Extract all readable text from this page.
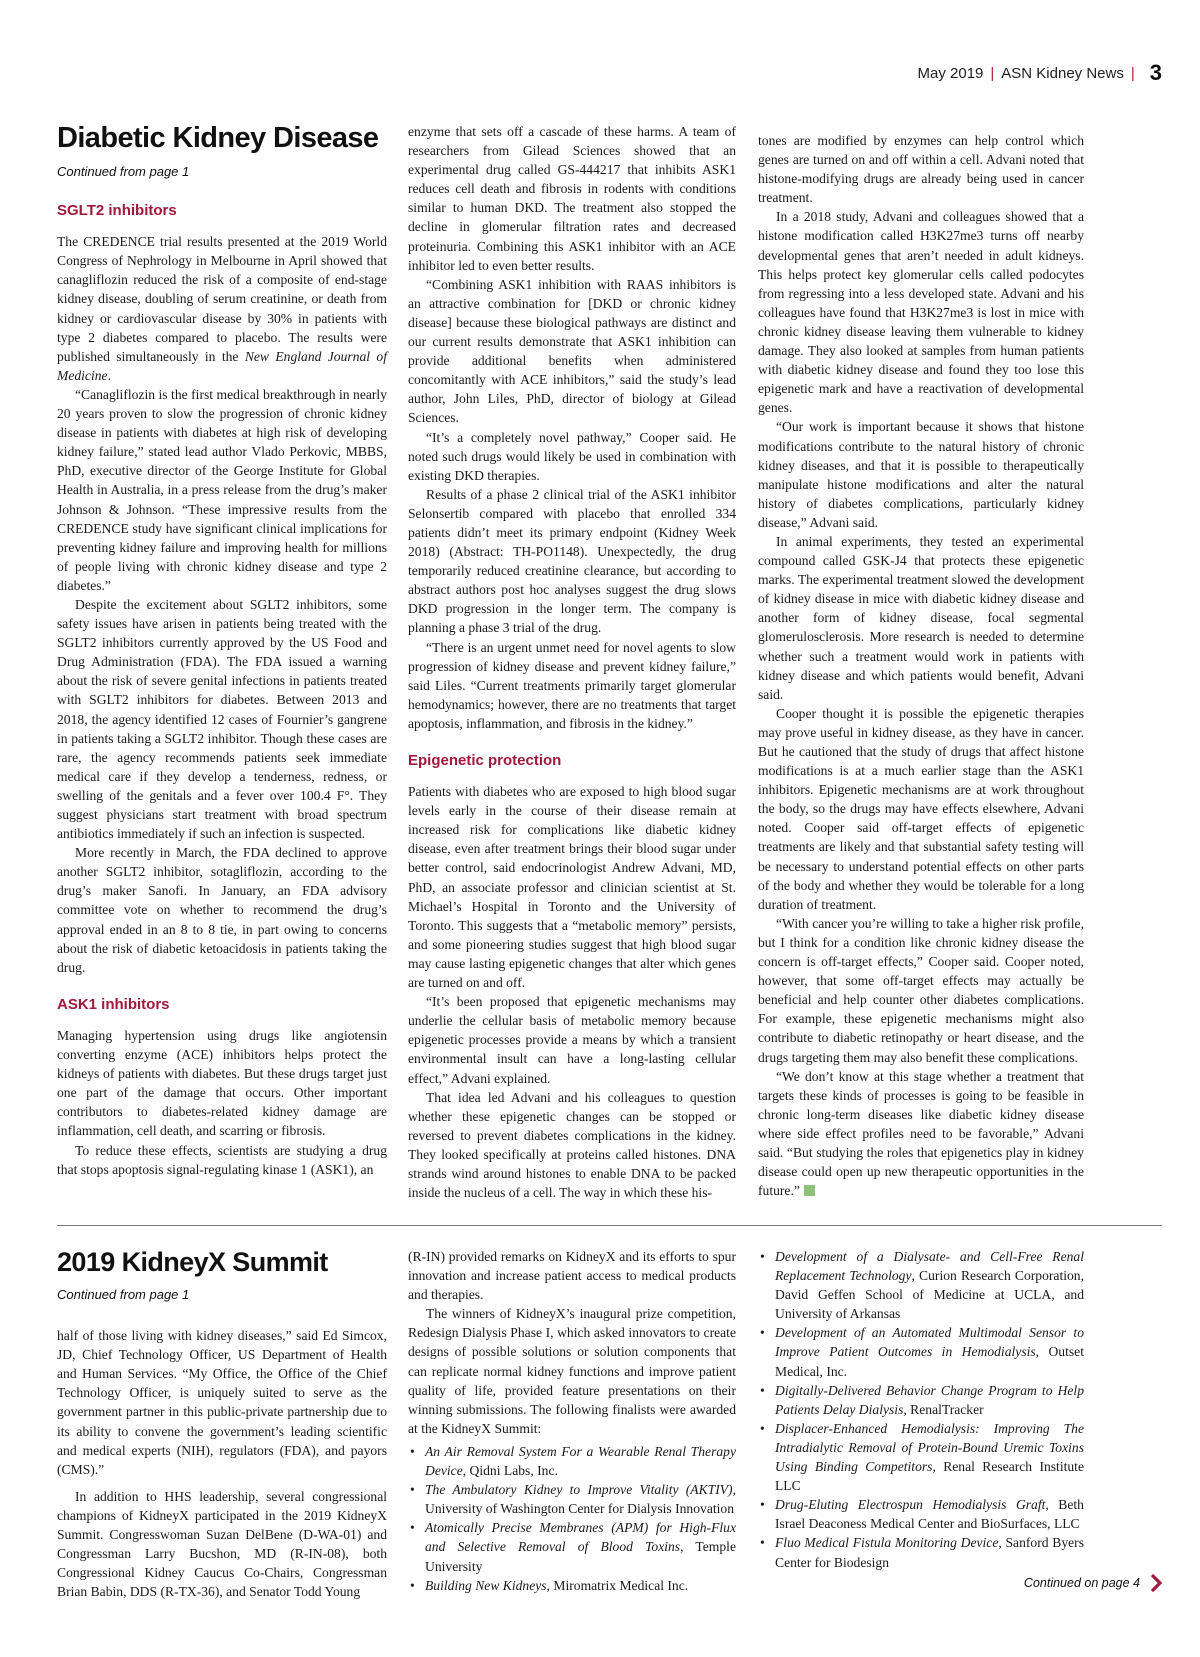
May 2019 | ASN Kidney News | 3
Diabetic Kidney Disease
Continued from page 1
SGLT2 inhibitors

The CREDENCE trial results presented at the 2019 World Congress of Nephrology in Melbourne in April showed that canagliflozin reduced the risk of a composite of end-stage kidney disease, doubling of serum creatinine, or death from kidney or cardiovascular disease by 30% in patients with type 2 diabetes compared to placebo. The results were published simultaneously in the New England Journal of Medicine.

“Canagliflozin is the first medical breakthrough in nearly 20 years proven to slow the progression of chronic kidney disease in patients with diabetes at high risk of developing kidney failure,” stated lead author Vlado Perkovic, MBBS, PhD, executive director of the George Institute for Global Health in Australia, in a press release from the drug’s maker Johnson & Johnson. “These impressive results from the CREDENCE study have significant clinical implications for preventing kidney failure and improving health for millions of people living with chronic kidney disease and type 2 diabetes.”

Despite the excitement about SGLT2 inhibitors, some safety issues have arisen in patients being treated with the SGLT2 inhibitors currently approved by the US Food and Drug Administration (FDA). The FDA issued a warning about the risk of severe genital infections in patients treated with SGLT2 inhibitors for diabetes. Between 2013 and 2018, the agency identified 12 cases of Fournier’s gangrene in patients taking a SGLT2 inhibitor. Though these cases are rare, the agency recommends patients seek immediate medical care if they develop a tenderness, redness, or swelling of the genitals and a fever over 100.4 F°. They suggest physicians start treatment with broad spectrum antibiotics immediately if such an infection is suspected.

More recently in March, the FDA declined to approve another SGLT2 inhibitor, sotagliflozin, according to the drug’s maker Sanofi. In January, an FDA advisory committee vote on whether to recommend the drug’s approval ended in an 8 to 8 tie, in part owing to concerns about the risk of diabetic ketoacidosis in patients taking the drug.

ASK1 inhibitors

Managing hypertension using drugs like angiotensin converting enzyme (ACE) inhibitors helps protect the kidneys of patients with diabetes. But these drugs target just one part of the damage that occurs. Other important contributors to diabetes-related kidney damage are inflammation, cell death, and scarring or fibrosis.

To reduce these effects, scientists are studying a drug that stops apoptosis signal-regulating kinase 1 (ASK1), an

enzyme that sets off a cascade of these harms. A team of researchers from Gilead Sciences showed that an experimental drug called GS-444217 that inhibits ASK1 reduces cell death and fibrosis in rodents with conditions similar to human DKD. The treatment also stopped the decline in glomerular filtration rates and decreased proteinuria. Combining this ASK1 inhibitor with an ACE inhibitor led to even better results.

“Combining ASK1 inhibition with RAAS inhibitors is an attractive combination for [DKD or chronic kidney disease] because these biological pathways are distinct and our current results demonstrate that ASK1 inhibition can provide additional benefits when administered concomitantly with ACE inhibitors,” said the study’s lead author, John Liles, PhD, director of biology at Gilead Sciences.

“It’s a completely novel pathway,” Cooper said. He noted such drugs would likely be used in combination with existing DKD therapies.

Results of a phase 2 clinical trial of the ASK1 inhibitor Selonsertib compared with placebo that enrolled 334 patients didn’t meet its primary endpoint (Kidney Week 2018) (Abstract: TH-PO1148). Unexpectedly, the drug temporarily reduced creatinine clearance, but according to abstract authors post hoc analyses suggest the drug slows DKD progression in the longer term. The company is planning a phase 3 trial of the drug.

“There is an urgent unmet need for novel agents to slow progression of kidney disease and prevent kidney failure,” said Liles. “Current treatments primarily target glomerular hemodynamics; however, there are no treatments that target apoptosis, inflammation, and fibrosis in the kidney.”

Epigenetic protection

Patients with diabetes who are exposed to high blood sugar levels early in the course of their disease remain at increased risk for complications like diabetic kidney disease, even after treatment brings their blood sugar under better control, said endocrinologist Andrew Advani, MD, PhD, an associate professor and clinician scientist at St. Michael’s Hospital in Toronto and the University of Toronto. This suggests that a “metabolic memory” persists, and some pioneering studies suggest that high blood sugar may cause lasting epigenetic changes that alter which genes are turned on and off.

“It’s been proposed that epigenetic mechanisms may underlie the cellular basis of metabolic memory because epigenetic processes provide a means by which a transient environmental insult can have a long-lasting cellular effect,” Advani explained.

That idea led Advani and his colleagues to question whether these epigenetic changes can be stopped or reversed to prevent diabetes complications in the kidney. They looked specifically at proteins called histones. DNA strands wind around histones to enable DNA to be packed inside the nucleus of a cell. The way in which these his-

tones are modified by enzymes can help control which genes are turned on and off within a cell. Advani noted that histone-modifying drugs are already being used in cancer treatment.

In a 2018 study, Advani and colleagues showed that a histone modification called H3K27me3 turns off nearby developmental genes that aren’t needed in adult kidneys. This helps protect key glomerular cells called podocytes from regressing into a less developed state. Advani and his colleagues have found that H3K27me3 is lost in mice with chronic kidney disease leaving them vulnerable to kidney damage. They also looked at samples from human patients with diabetic kidney disease and found they too lose this epigenetic mark and have a reactivation of developmental genes.

“Our work is important because it shows that histone modifications contribute to the natural history of chronic kidney diseases, and that it is possible to therapeutically manipulate histone modifications and alter the natural history of diabetes complications, particularly kidney disease,” Advani said.

In animal experiments, they tested an experimental compound called GSK-J4 that protects these epigenetic marks. The experimental treatment slowed the development of kidney disease in mice with diabetic kidney disease and another form of kidney disease, focal segmental glomerulosclerosis. More research is needed to determine whether such a treatment would work in patients with kidney disease and which patients would benefit, Advani said.

Cooper thought it is possible the epigenetic therapies may prove useful in kidney disease, as they have in cancer. But he cautioned that the study of drugs that affect histone modifications is at a much earlier stage than the ASK1 inhibitors. Epigenetic mechanisms are at work throughout the body, so the drugs may have effects elsewhere, Advani noted. Cooper said off-target effects of epigenetic treatments are likely and that substantial safety testing will be necessary to understand potential effects on other parts of the body and whether they would be tolerable for a long duration of treatment.

“With cancer you’re willing to take a higher risk profile, but I think for a condition like chronic kidney disease the concern is off-target effects,” Cooper said. Cooper noted, however, that some off-target effects may actually be beneficial and help counter other diabetes complications. For example, these epigenetic mechanisms might also contribute to diabetic retinopathy or heart disease, and the drugs targeting them may also benefit these complications.

“We don’t know at this stage whether a treatment that targets these kinds of processes is going to be feasible in chronic long-term diseases like diabetic kidney disease where side effect profiles need to be favorable,” Advani said. “But studying the roles that epigenetics play in kidney disease could open up new therapeutic opportunities in the future.”

2019 KidneyX Summit
Continued from page 1

half of those living with kidney diseases,” said Ed Simcox, JD, Chief Technology Officer, US Department of Health and Human Services. “My Office, the Office of the Chief Technology Officer, is uniquely suited to serve as the government partner in this public-private partnership due to its ability to convene the government’s leading scientific and medical experts (NIH), regulators (FDA), and payors (CMS).”

In addition to HHS leadership, several congressional champions of KidneyX participated in the 2019 KidneyX Summit. Congresswoman Suzan DelBene (D-WA-01) and Congressman Larry Bucshon, MD (R-IN-08), both Congressional Kidney Caucus Co-Chairs, Congressman Brian Babin, DDS (R-TX-36), and Senator Todd Young

(R-IN) provided remarks on KidneyX and its efforts to spur innovation and increase patient access to medical products and therapies.

The winners of KidneyX’s inaugural prize competition, Redesign Dialysis Phase I, which asked innovators to create designs of possible solutions or solution components that can replicate normal kidney functions and improve patient quality of life, provided feature presentations on their winning submissions. The following finalists were awarded at the KidneyX Summit:

• An Air Removal System For a Wearable Renal Therapy Device, Qidni Labs, Inc.
• The Ambulatory Kidney to Improve Vitality (AKTIV), University of Washington Center for Dialysis Innovation
• Atomically Precise Membranes (APM) for High-Flux and Selective Removal of Blood Toxins, Temple University
• Building New Kidneys, Miromatrix Medical Inc.
• Development of a Dialysate- and Cell-Free Renal Replacement Technology, Curion Research Corporation, David Geffen School of Medicine at UCLA, and University of Arkansas
• Development of an Automated Multimodal Sensor to Improve Patient Outcomes in Hemodialysis, Outset Medical, Inc.
• Digitally-Delivered Behavior Change Program to Help Patients Delay Dialysis, RenalTracker
• Displacer-Enhanced Hemodialysis: Improving The Intradialytic Removal of Protein-Bound Uremic Toxins Using Binding Competitors, Renal Research Institute LLC
• Drug-Eluting Electrospun Hemodialysis Graft, Beth Israel Deaconess Medical Center and BioSurfaces, LLC
• Fluo Medical Fistula Monitoring Device, Sanford Byers Center for Biodesign
Continued on page 4
